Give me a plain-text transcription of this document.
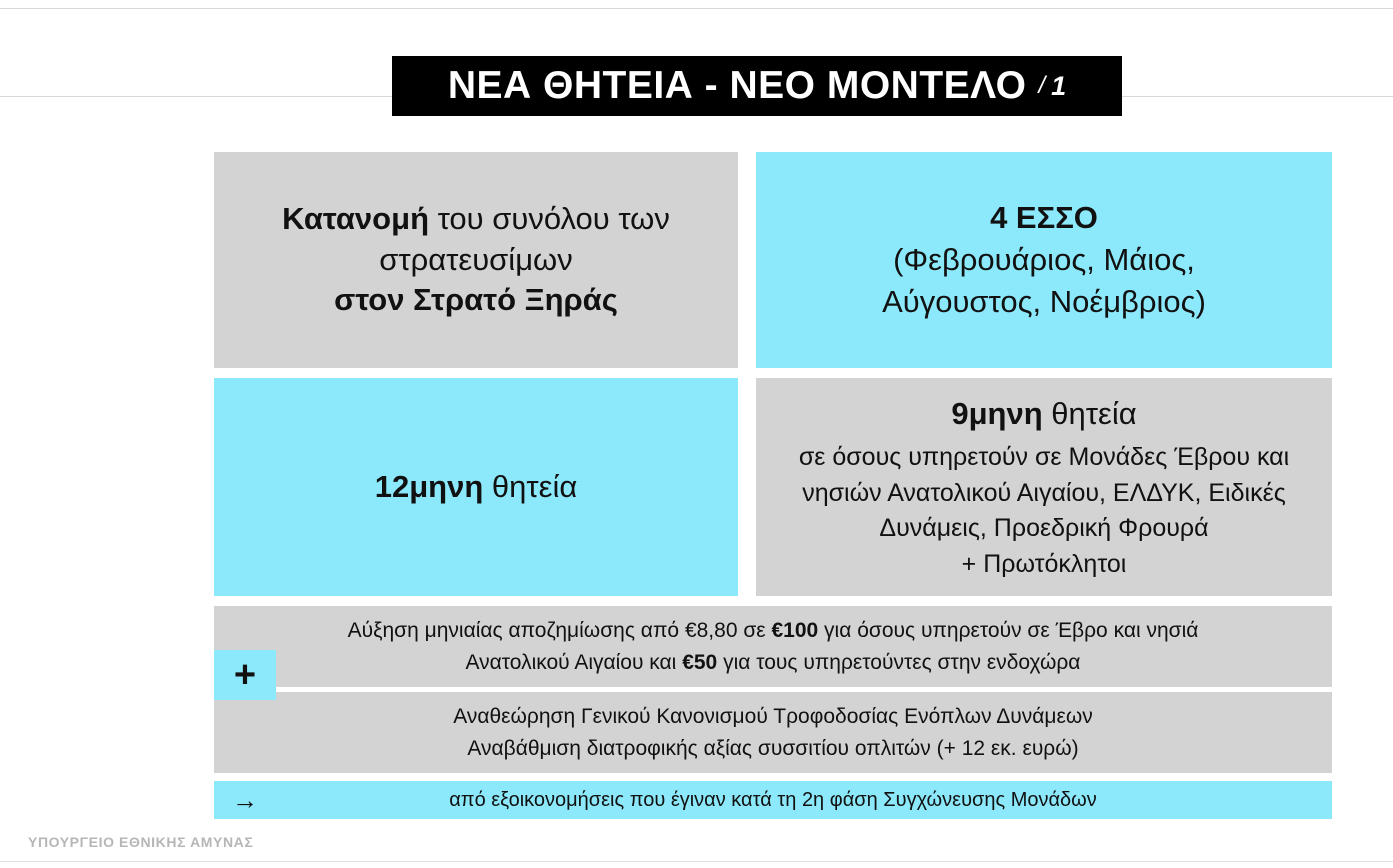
ΝΕΑ ΘΗΤΕΙΑ - ΝΕΟ ΜΟΝΤΕΛΟ / 1
Κατανομή του συνόλου των
στρατευσίμων
στον Στρατό Ξηράς
4 ΕΣΣΟ
(Φεβρουάριος, Μάιος,
Αύγουστος, Νοέμβριος)
12μηνη θητεία
9μηνη θητεία
σε όσους υπηρετούν σε Μονάδες Έβρου και
νησιών Ανατολικού Αιγαίου, ΕΛΔΥΚ, Ειδικές
Δυνάμεις, Προεδρική Φρουρά
+ Πρωτόκλητοι
+
Αύξηση μηνιαίας αποζημίωσης από €8,80 σε €100 για όσους υπηρετούν σε Έβρο και νησιά
Ανατολικού Αιγαίου και €50 για τους υπηρετούντες στην ενδοχώρα
Αναθεώρηση Γενικού Κανονισμού Τροφοδοσίας Ενόπλων Δυνάμεων
Αναβάθμιση διατροφικής αξίας συσσιτίου οπλιτών (+ 12 εκ. ευρώ)
→	από εξοικονομήσεις που έγιναν κατά τη 2η φάση Συγχώνευσης Μονάδων
ΥΠΟΥΡΓΕΙΟ ΕΘΝΙΚΗΣ ΑΜΥΝΑΣ
